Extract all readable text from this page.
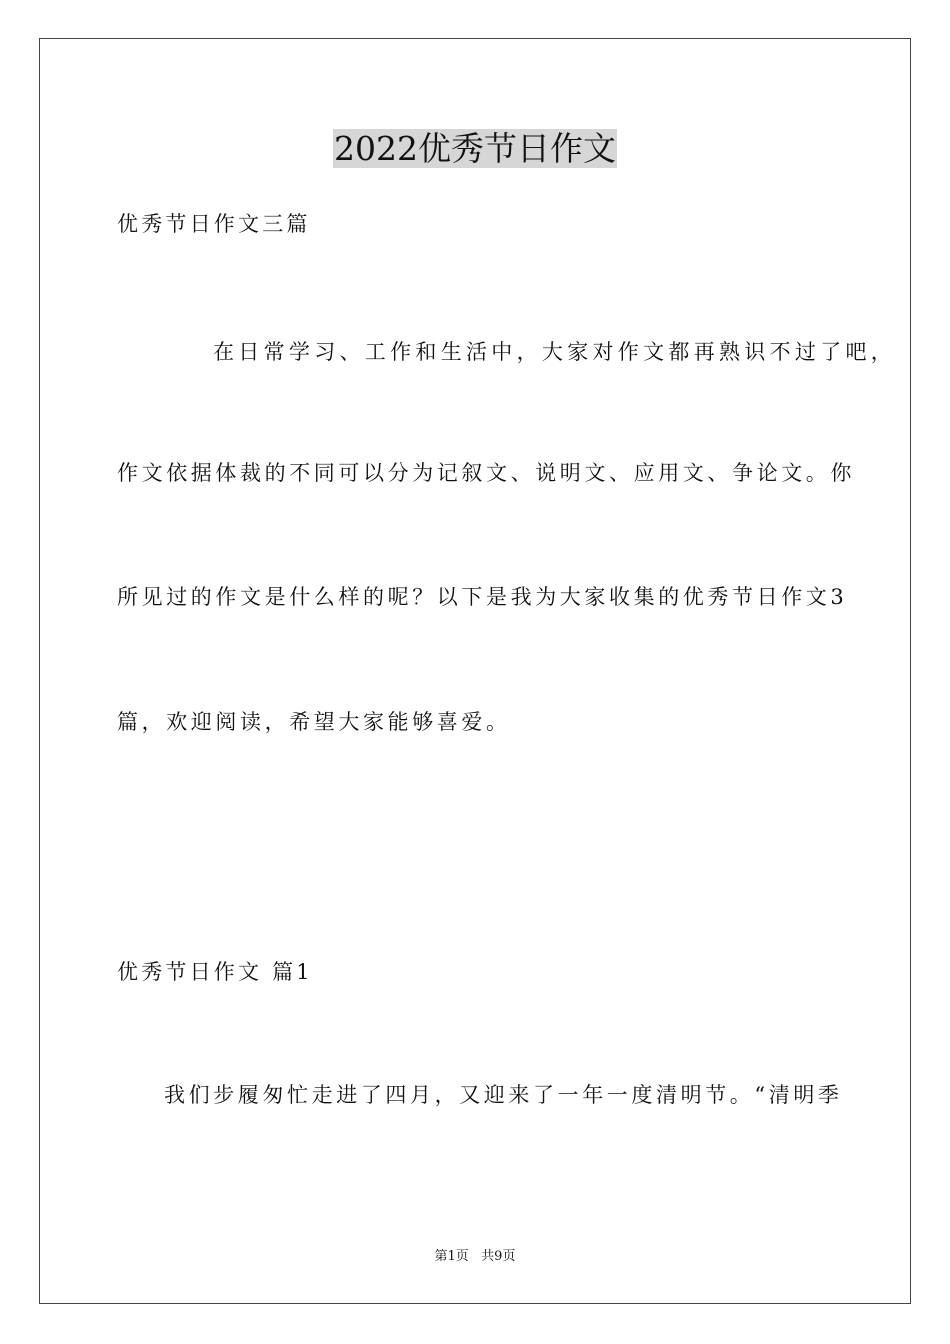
2022优秀节日作文
优秀节日作文三篇
在日常学习、工作和生活中，大家对作文都再熟识不过了吧，
作文依据体裁的不同可以分为记叙文、说明文、应用文、争论文。你
所见过的作文是什么样的呢？以下是我为大家收集的优秀节日作文3
篇，欢迎阅读，希望大家能够喜爱。
优秀节日作文 篇1
我们步履匆忙走进了四月，又迎来了一年一度清明节。“清明季
第1页   共9页
